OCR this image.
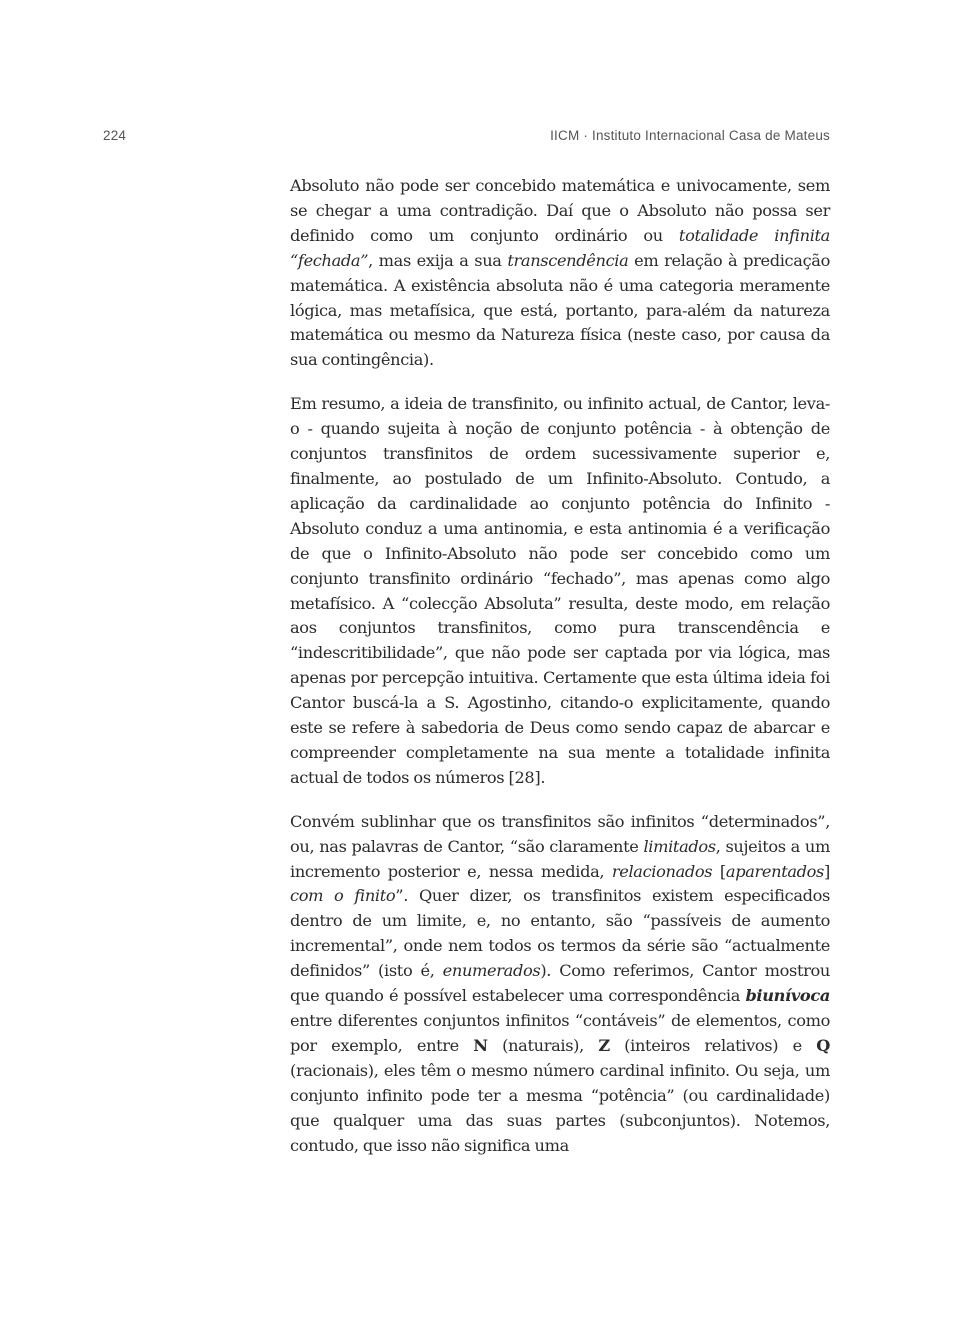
224	IICM · Instituto Internacional Casa de Mateus

Absoluto não pode ser concebido matemática e univocamente, sem se chegar a uma contradição. Daí que o Absoluto não possa ser definido como um conjunto ordinário ou totalidade infinita “fechada”, mas exija a sua transcendência em relação à predicação matemática. A existência absoluta não é uma categoria meramente lógica, mas metafísica, que está, portanto, para-além da natureza matemática ou mesmo da Natureza física (neste caso, por causa da sua contingência).

Em resumo, a ideia de transfinito, ou infinito actual, de Cantor, leva-o - quando sujeita à noção de conjunto potência - à obtenção de conjuntos transfinitos de ordem sucessivamente superior e, finalmente, ao postulado de um Infinito-Absoluto. Contudo, a aplicação da cardinalidade ao conjunto potência do Infinito -Absoluto conduz a uma antinomia, e esta antinomia é a verificação de que o Infinito-Absoluto não pode ser concebido como um conjunto transfinito ordinário “fechado”, mas apenas como algo metafísico. A “colecção Absoluta” resulta, deste modo, em relação aos conjuntos transfinitos, como pura transcendência e “indescritibilidade”, que não pode ser captada por via lógica, mas apenas por percepção intuitiva. Certamente que esta última ideia foi Cantor buscá-la a S. Agostinho, citando-o explicitamente, quando este se refere à sabedoria de Deus como sendo capaz de abarcar e compreender completamente na sua mente a totalidade infinita actual de todos os números [28].

Convém sublinhar que os transfinitos são infinitos “determinados”, ou, nas palavras de Cantor, “são claramente limitados, sujeitos a um incremento posterior e, nessa medida, relacionados [aparentados] com o finito”. Quer dizer, os transfinitos existem especificados dentro de um limite, e, no entanto, são “passíveis de aumento incremental”, onde nem todos os termos da série são “actualmente definidos” (isto é, enumerados). Como referimos, Cantor mostrou que quando é possível estabelecer uma correspondência biunívoca entre diferentes conjuntos infinitos “contáveis” de elementos, como por exemplo, entre N (naturais), Z (inteiros relativos) e Q (racionais), eles têm o mesmo número cardinal infinito. Ou seja, um conjunto infinito pode ter a mesma “potência” (ou cardinalidade) que qualquer uma das suas partes (subconjuntos). Notemos, contudo, que isso não significa uma
